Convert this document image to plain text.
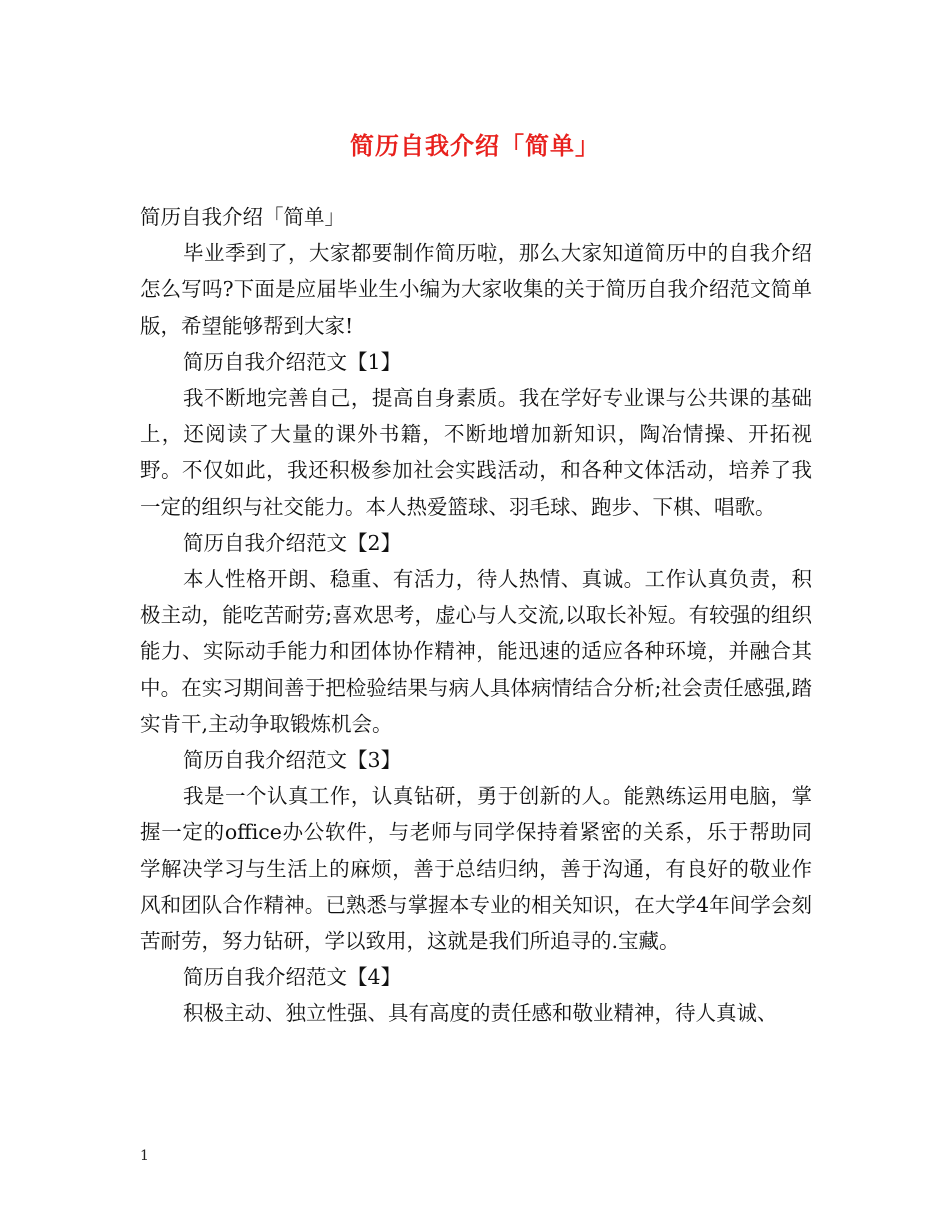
简历自我介绍「简单」

简历自我介绍「简单」

毕业季到了，大家都要制作简历啦，那么大家知道简历中的自我介绍怎么写吗?下面是应届毕业生小编为大家收集的关于简历自我介绍范文简单版，希望能够帮到大家!

简历自我介绍范文【1】

我不断地完善自己，提高自身素质。我在学好专业课与公共课的基础上，还阅读了大量的课外书籍，不断地增加新知识，陶冶情操、开拓视野。不仅如此，我还积极参加社会实践活动，和各种文体活动，培养了我一定的组织与社交能力。本人热爱篮球、羽毛球、跑步、下棋、唱歌。

简历自我介绍范文【2】

本人性格开朗、稳重、有活力，待人热情、真诚。工作认真负责，积极主动，能吃苦耐劳;喜欢思考，虚心与人交流,以取长补短。有较强的组织能力、实际动手能力和团体协作精神，能迅速的适应各种环境，并融合其中。在实习期间善于把检验结果与病人具体病情结合分析;社会责任感强,踏实肯干,主动争取锻炼机会。

简历自我介绍范文【3】

我是一个认真工作，认真钻研，勇于创新的人。能熟练运用电脑，掌握一定的office办公软件，与老师与同学保持着紧密的关系，乐于帮助同学解决学习与生活上的麻烦，善于总结归纳，善于沟通，有良好的敬业作风和团队合作精神。已熟悉与掌握本专业的相关知识，在大学4年间学会刻苦耐劳，努力钻研，学以致用，这就是我们所追寻的.宝藏。

简历自我介绍范文【4】

积极主动、独立性强、具有高度的责任感和敬业精神，待人真诚、

1
